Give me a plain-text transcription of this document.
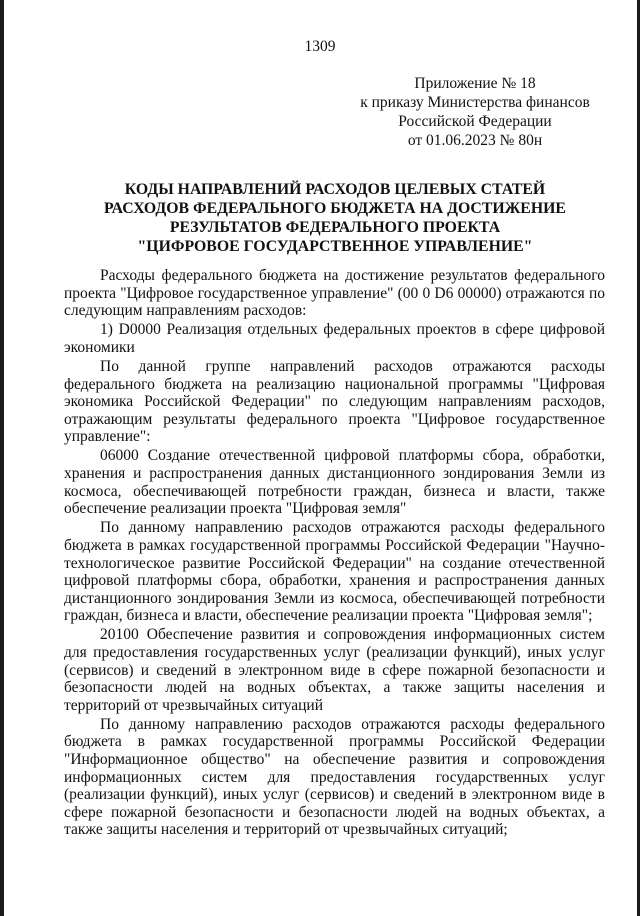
1309
Приложение № 18
к приказу Министерства финансов
Российской Федерации
от 01.06.2023 № 80н
КОДЫ НАПРАВЛЕНИЙ РАСХОДОВ ЦЕЛЕВЫХ СТАТЕЙ
РАСХОДОВ ФЕДЕРАЛЬНОГО БЮДЖЕТА НА ДОСТИЖЕНИЕ
РЕЗУЛЬТАТОВ ФЕДЕРАЛЬНОГО ПРОЕКТА
"ЦИФРОВОЕ ГОСУДАРСТВЕННОЕ УПРАВЛЕНИЕ"

Расходы федерального бюджета на достижение результатов федерального проекта "Цифровое государственное управление" (00 0 D6 00000) отражаются по следующим направлениям расходов:

1) D0000 Реализация отдельных федеральных проектов в сфере цифровой экономики

По данной группе направлений расходов отражаются расходы федерального бюджета на реализацию национальной программы "Цифровая экономика Российской Федерации" по следующим направлениям расходов, отражающим результаты федерального проекта "Цифровое государственное управление":

06000 Создание отечественной цифровой платформы сбора, обработки, хранения и распространения данных дистанционного зондирования Земли из космоса, обеспечивающей потребности граждан, бизнеса и власти, также обеспечение реализации проекта "Цифровая земля"

По данному направлению расходов отражаются расходы федерального бюджета в рамках государственной программы Российской Федерации "Научно-технологическое развитие Российской Федерации" на создание отечественной цифровой платформы сбора, обработки, хранения и распространения данных дистанционного зондирования Земли из космоса, обеспечивающей потребности граждан, бизнеса и власти, обеспечение реализации проекта "Цифровая земля";

20100 Обеспечение развития и сопровождения информационных систем для предоставления государственных услуг (реализации функций), иных услуг (сервисов) и сведений в электронном виде в сфере пожарной безопасности и безопасности людей на водных объектах, а также защиты населения и территорий от чрезвычайных ситуаций

По данному направлению расходов отражаются расходы федерального бюджета в рамках государственной программы Российской Федерации "Информационное общество" на обеспечение развития и сопровождения информационных систем для предоставления государственных услуг (реализации функций), иных услуг (сервисов) и сведений в электронном виде в сфере пожарной безопасности и безопасности людей на водных объектах, а также защиты населения и территорий от чрезвычайных ситуаций;
